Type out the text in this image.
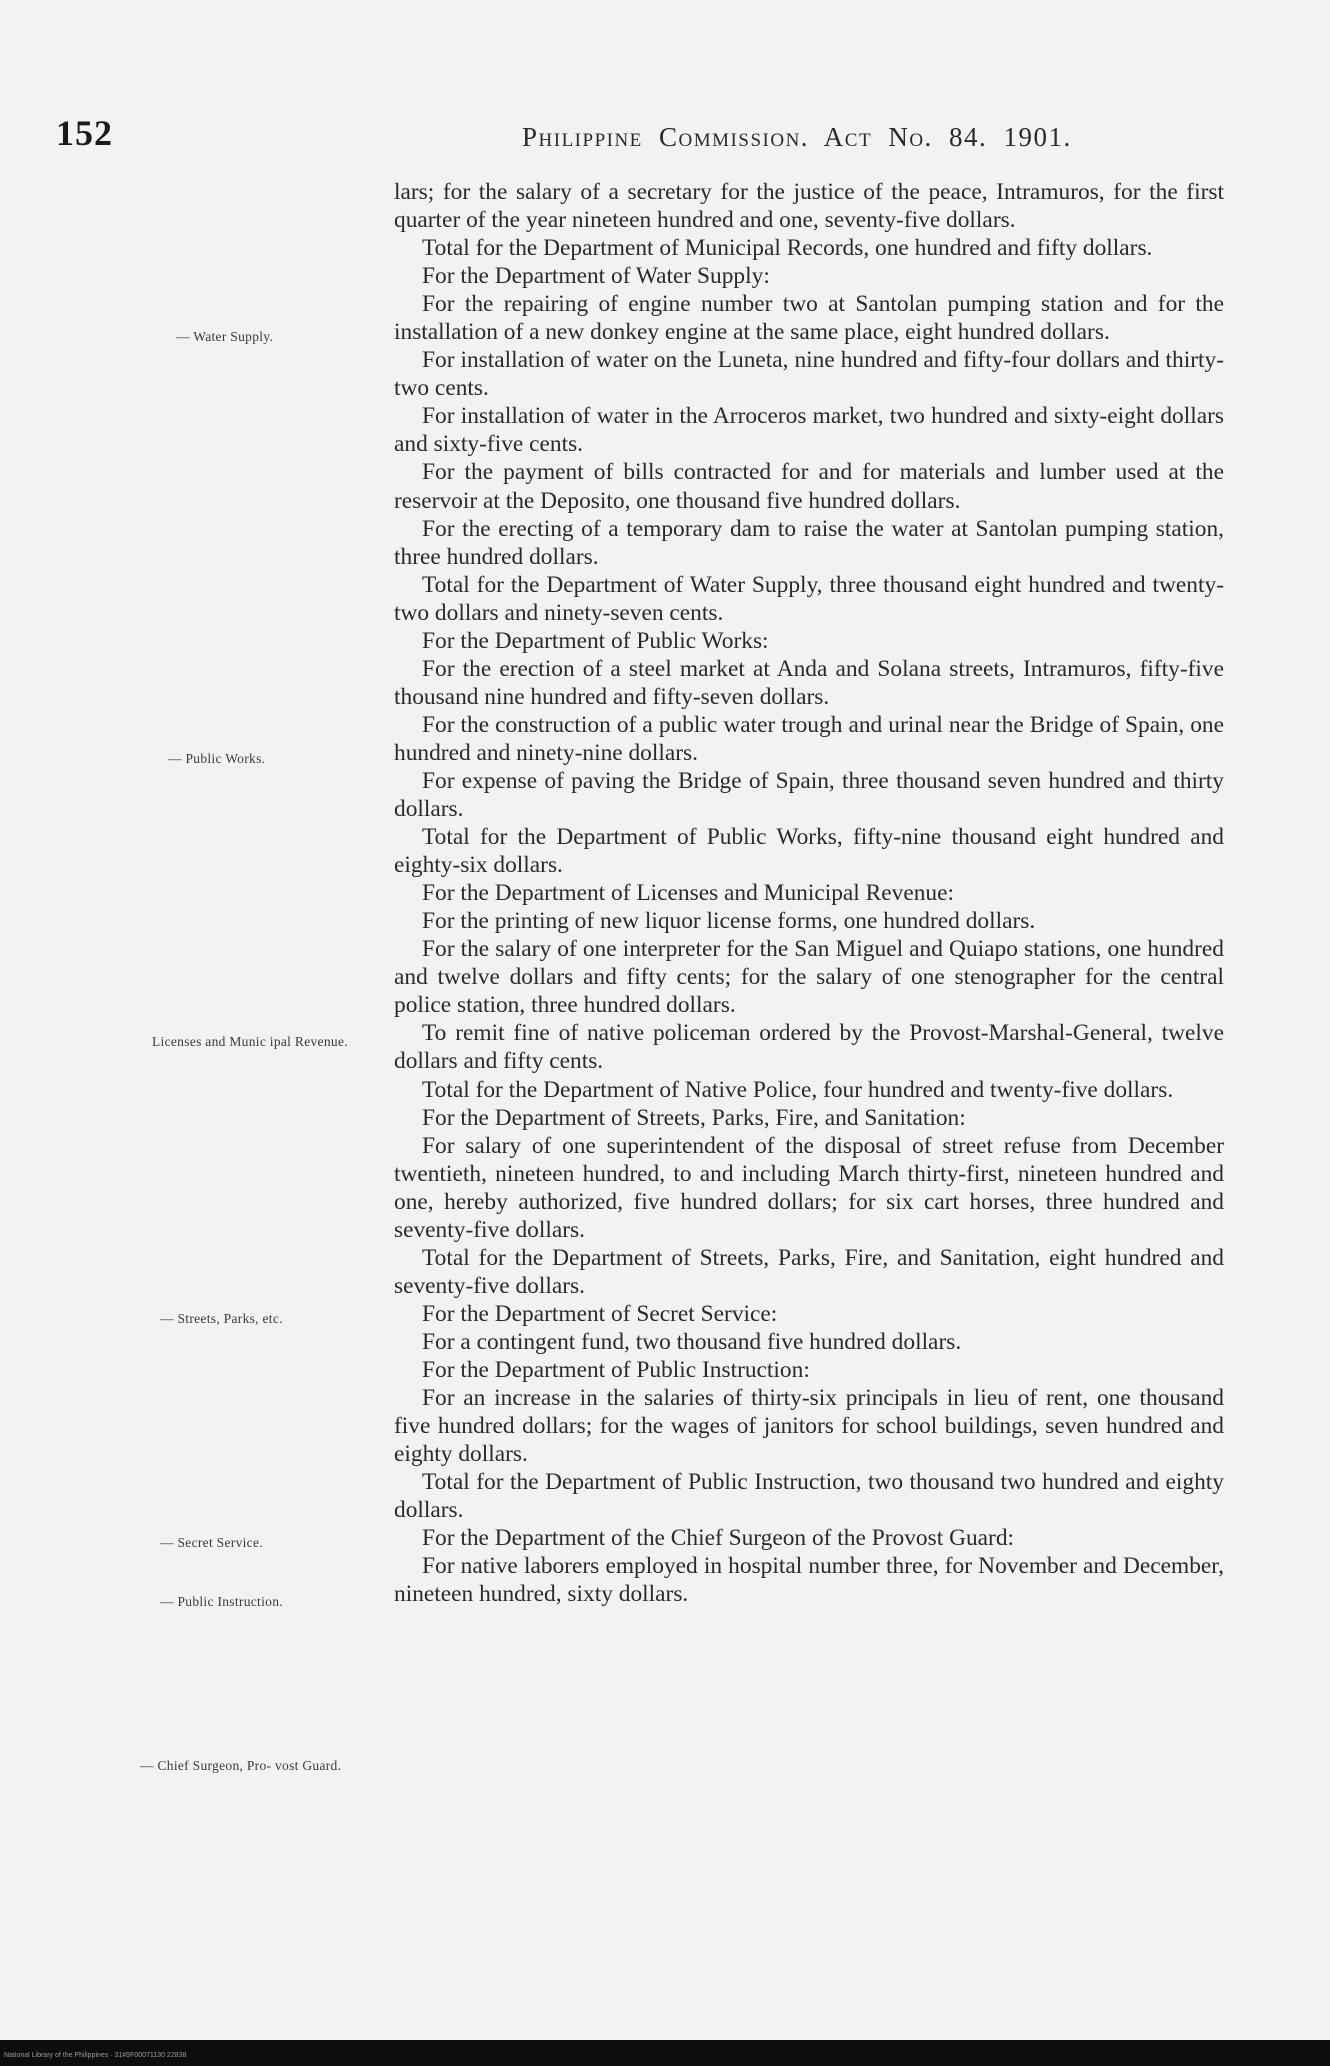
152	Philippine Commission. Act No. 84. 1901.
— Water Supply.
— Public Works.
Licenses and Munic ipal Revenue.
— Streets, Parks, etc.
— Secret Service.
— Public Instruction.
— Chief Surgeon, Pro- vost Guard.

lars; for the salary of a secretary for the justice of the peace, Intramuros, for the first quarter of the year nineteen hundred and one, seventy-five dollars.

Total for the Department of Municipal Records, one hundred and fifty dollars.

For the Department of Water Supply:

For the repairing of engine number two at Santolan pumping station and for the installation of a new donkey engine at the same place, eight hundred dollars.

For installation of water on the Luneta, nine hundred and fifty-four dollars and thirty-two cents.

For installation of water in the Arroceros market, two hundred and sixty-eight dollars and sixty-five cents.

For the payment of bills contracted for and for materials and lumber used at the reservoir at the Deposito, one thousand five hundred dollars.

For the erecting of a temporary dam to raise the water at Santolan pumping station, three hundred dollars.

Total for the Department of Water Supply, three thousand eight hundred and twenty-two dollars and ninety-seven cents.

For the Department of Public Works:

For the erection of a steel market at Anda and Solana streets, Intramuros, fifty-five thousand nine hundred and fifty-seven dollars.

For the construction of a public water trough and urinal near the Bridge of Spain, one hundred and ninety-nine dollars.

For expense of paving the Bridge of Spain, three thousand seven hundred and thirty dollars.

Total for the Department of Public Works, fifty-nine thousand eight hundred and eighty-six dollars.

For the Department of Licenses and Municipal Revenue:

For the printing of new liquor license forms, one hundred dollars.

For the salary of one interpreter for the San Miguel and Quiapo stations, one hundred and twelve dollars and fifty cents; for the salary of one stenographer for the central police station, three hundred dollars.

To remit fine of native policeman ordered by the Provost-Marshal-General, twelve dollars and fifty cents.

Total for the Department of Native Police, four hundred and twenty-five dollars.

For the Department of Streets, Parks, Fire, and Sanitation:

For salary of one superintendent of the disposal of street refuse from December twentieth, nineteen hundred, to and including March thirty-first, nineteen hundred and one, hereby authorized, five hundred dollars; for six cart horses, three hundred and seventy-five dollars.

Total for the Department of Streets, Parks, Fire, and Sanitation, eight hundred and seventy-five dollars.

For the Department of Secret Service:

For a contingent fund, two thousand five hundred dollars.

For the Department of Public Instruction:

For an increase in the salaries of thirty-six principals in lieu of rent, one thousand five hundred dollars; for the wages of janitors for school buildings, seven hundred and eighty dollars.

Total for the Department of Public Instruction, two thousand two hundred and eighty dollars.

For the Department of the Chief Surgeon of the Provost Guard:

For native laborers employed in hospital number three, for November and December, nineteen hundred, sixty dollars.

National Library of the Philippines · 31#9F00071130 22838
